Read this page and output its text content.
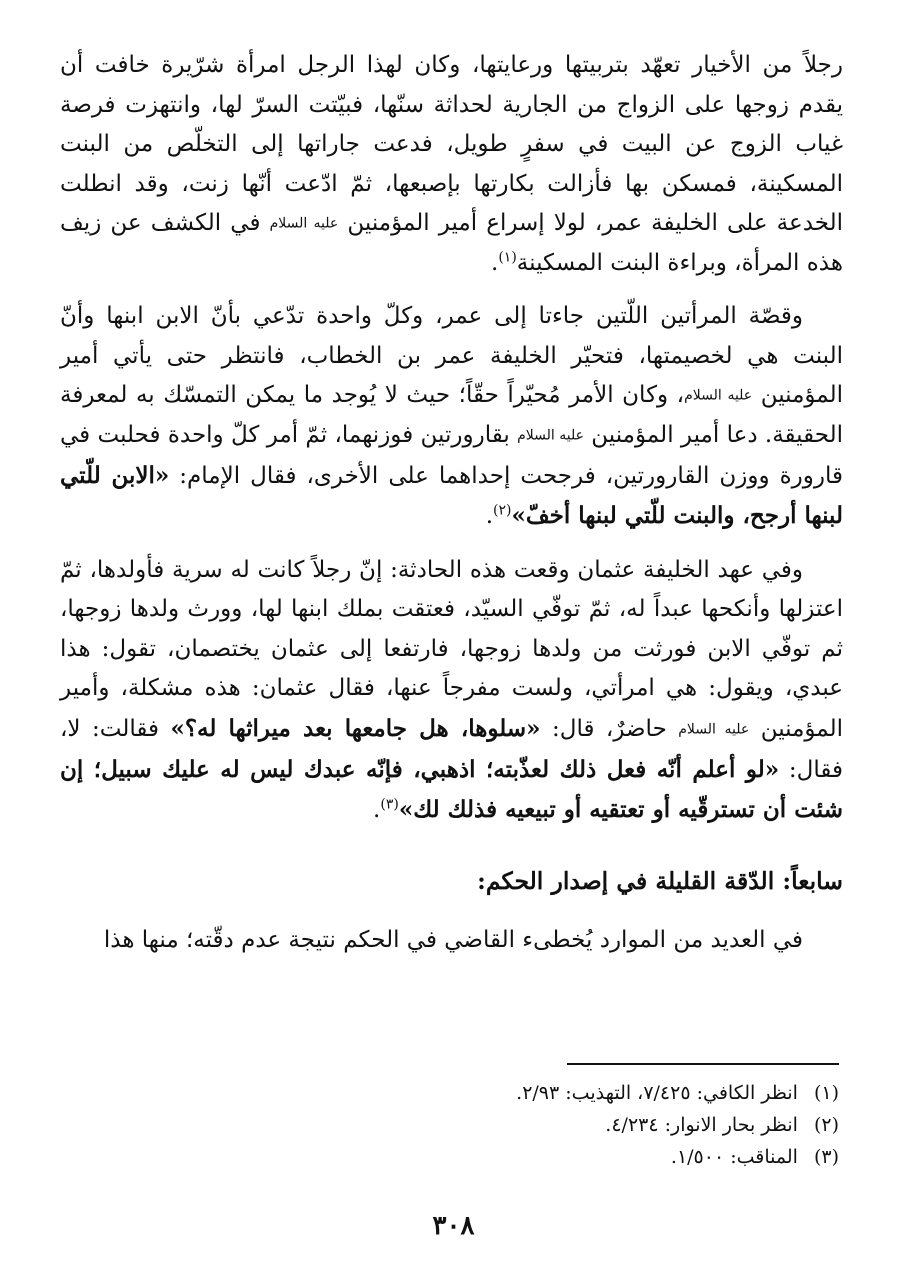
رجلاً من الأخيار تعهّد بتربيتها ورعايتها، وكان لهذا الرجل امرأة شرّيرة خافت أن يقدم زوجها على الزواج من الجارية لحداثة سنّها، فبيّتت السرّ لها، وانتهزت فرصة غياب الزوج عن البيت في سفرٍ طويل، فدعت جاراتها إلى التخلّص من البنت المسكينة، فمسكن بها فأزالت بكارتها بإصبعها، ثمّ ادّعت أنّها زنت، وقد انطلت الخدعة على الخليفة عمر، لولا إسراع أمير المؤمنين عليه السلام في الكشف عن زيف هذه المرأة، وبراءة البنت المسكينة$^{(١)}$.

وقصّة المرأتين اللّتين جاءتا إلى عمر، وكلّ واحدة تدّعي بأنّ الابن ابنها وأنّ البنت هي لخصيمتها، فتحيّر الخليفة عمر بن الخطاب، فانتظر حتى يأتي أمير المؤمنين عليه السلام، وكان الأمر مُحيّراً حقّاً؛ حيث لا يُوجد ما يمكن التمسّك به لمعرفة الحقيقة. دعا أمير المؤمنين عليه السلام بقارورتين فوزنهما، ثمّ أمر كلّ واحدة فحلبت في قارورة ووزن القارورتين، فرجحت إحداهما على الأخرى، فقال الإمام: «الابن للّتي لبنها أرجح، والبنت للّتي لبنها أخفّ»$^{(٢)}$.

وفي عهد الخليفة عثمان وقعت هذه الحادثة: إنّ رجلاً كانت له سرية فأولدها، ثمّ اعتزلها وأنكحها عبداً له، ثمّ توفّي السيّد، فعتقت بملك ابنها لها، وورث ولدها زوجها، ثم توفّي الابن فورثت من ولدها زوجها، فارتفعا إلى عثمان يختصمان، تقول: هذا عبدي، ويقول: هي امرأتي، ولست مفرجاً عنها، فقال عثمان: هذه مشكلة، وأمير المؤمنين عليه السلام حاضرٌ، قال: «سلوها، هل جامعها بعد ميراثها له؟» فقالت: لا، فقال: «لو أعلم أنّه فعل ذلك لعذّبته؛ اذهبي، فإنّه عبدك ليس له عليك سبيل؛ إن شئت أن تسترقّيه أو تعتقيه أو تبيعيه فذلك لك»$^{(٣)}$.

سابعاً: الدّقة القليلة في إصدار الحكم:

في العديد من الموارد يُخطىء القاضي في الحكم نتيجة عدم دقّته؛ منها هذا

(١)انظر الكافي: ٧/٤٢٥، التهذيب: ٢/٩٣.
(٢)انظر بحار الانوار: ٤/٢٣٤.
(٣)المناقب: ١/٥٠٠.
٣٠٨
